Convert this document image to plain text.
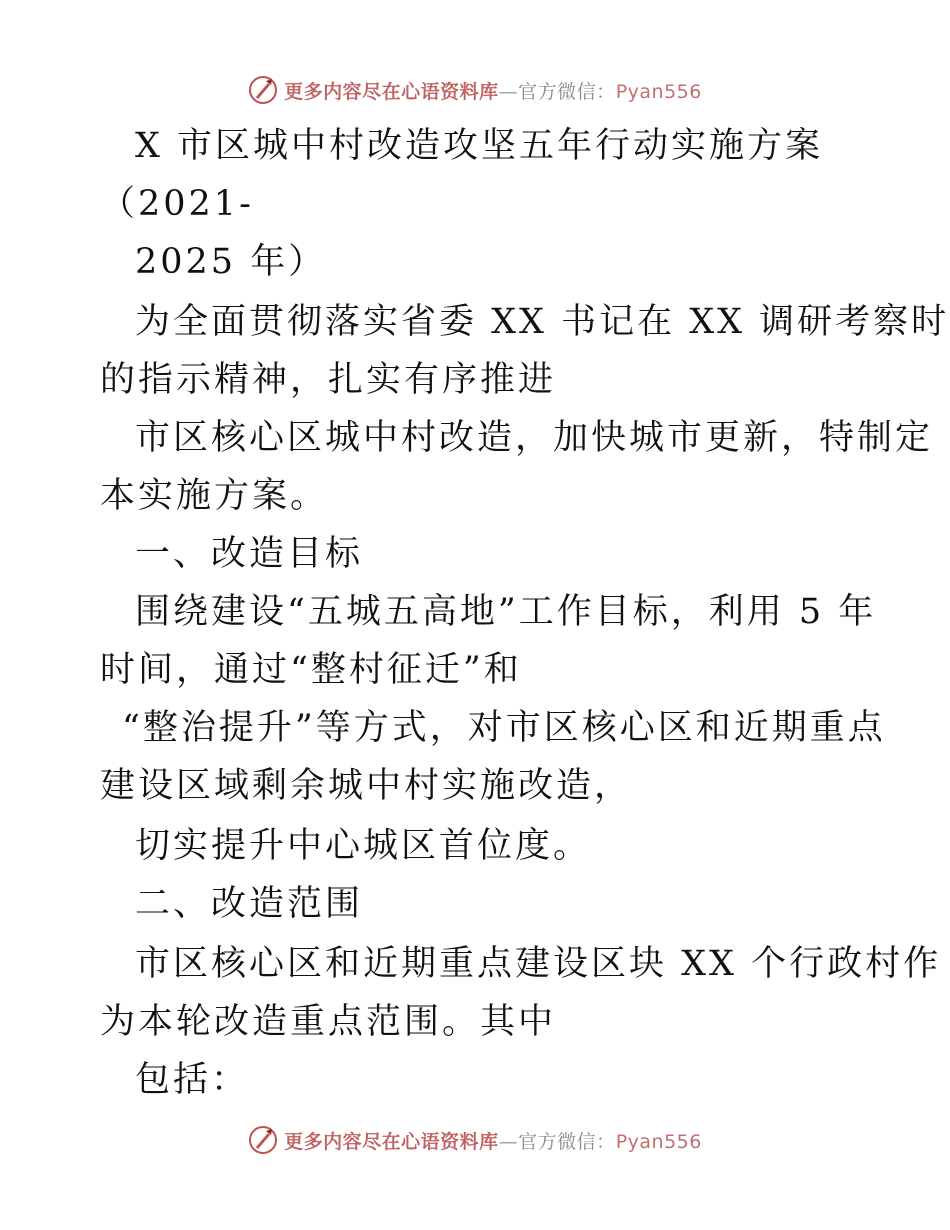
更多内容尽在心语资料库—官方微信：Pyan556
X 市区城中村改造攻坚五年行动实施方案
（2021-
2025 年）
为全面贯彻落实省委 XX 书记在 XX 调研考察时
的指示精神，扎实有序推进
市区核心区城中村改造，加快城市更新，特制定
本实施方案。
一、改造目标
围绕建设“五城五高地”工作目标，利用 5 年
时间，通过“整村征迁”和
“整治提升”等方式，对市区核心区和近期重点
建设区域剩余城中村实施改造，
切实提升中心城区首位度。
二、改造范围
市区核心区和近期重点建设区块 XX 个行政村作
为本轮改造重点范围。其中
包括：
更多内容尽在心语资料库—官方微信：Pyan556
